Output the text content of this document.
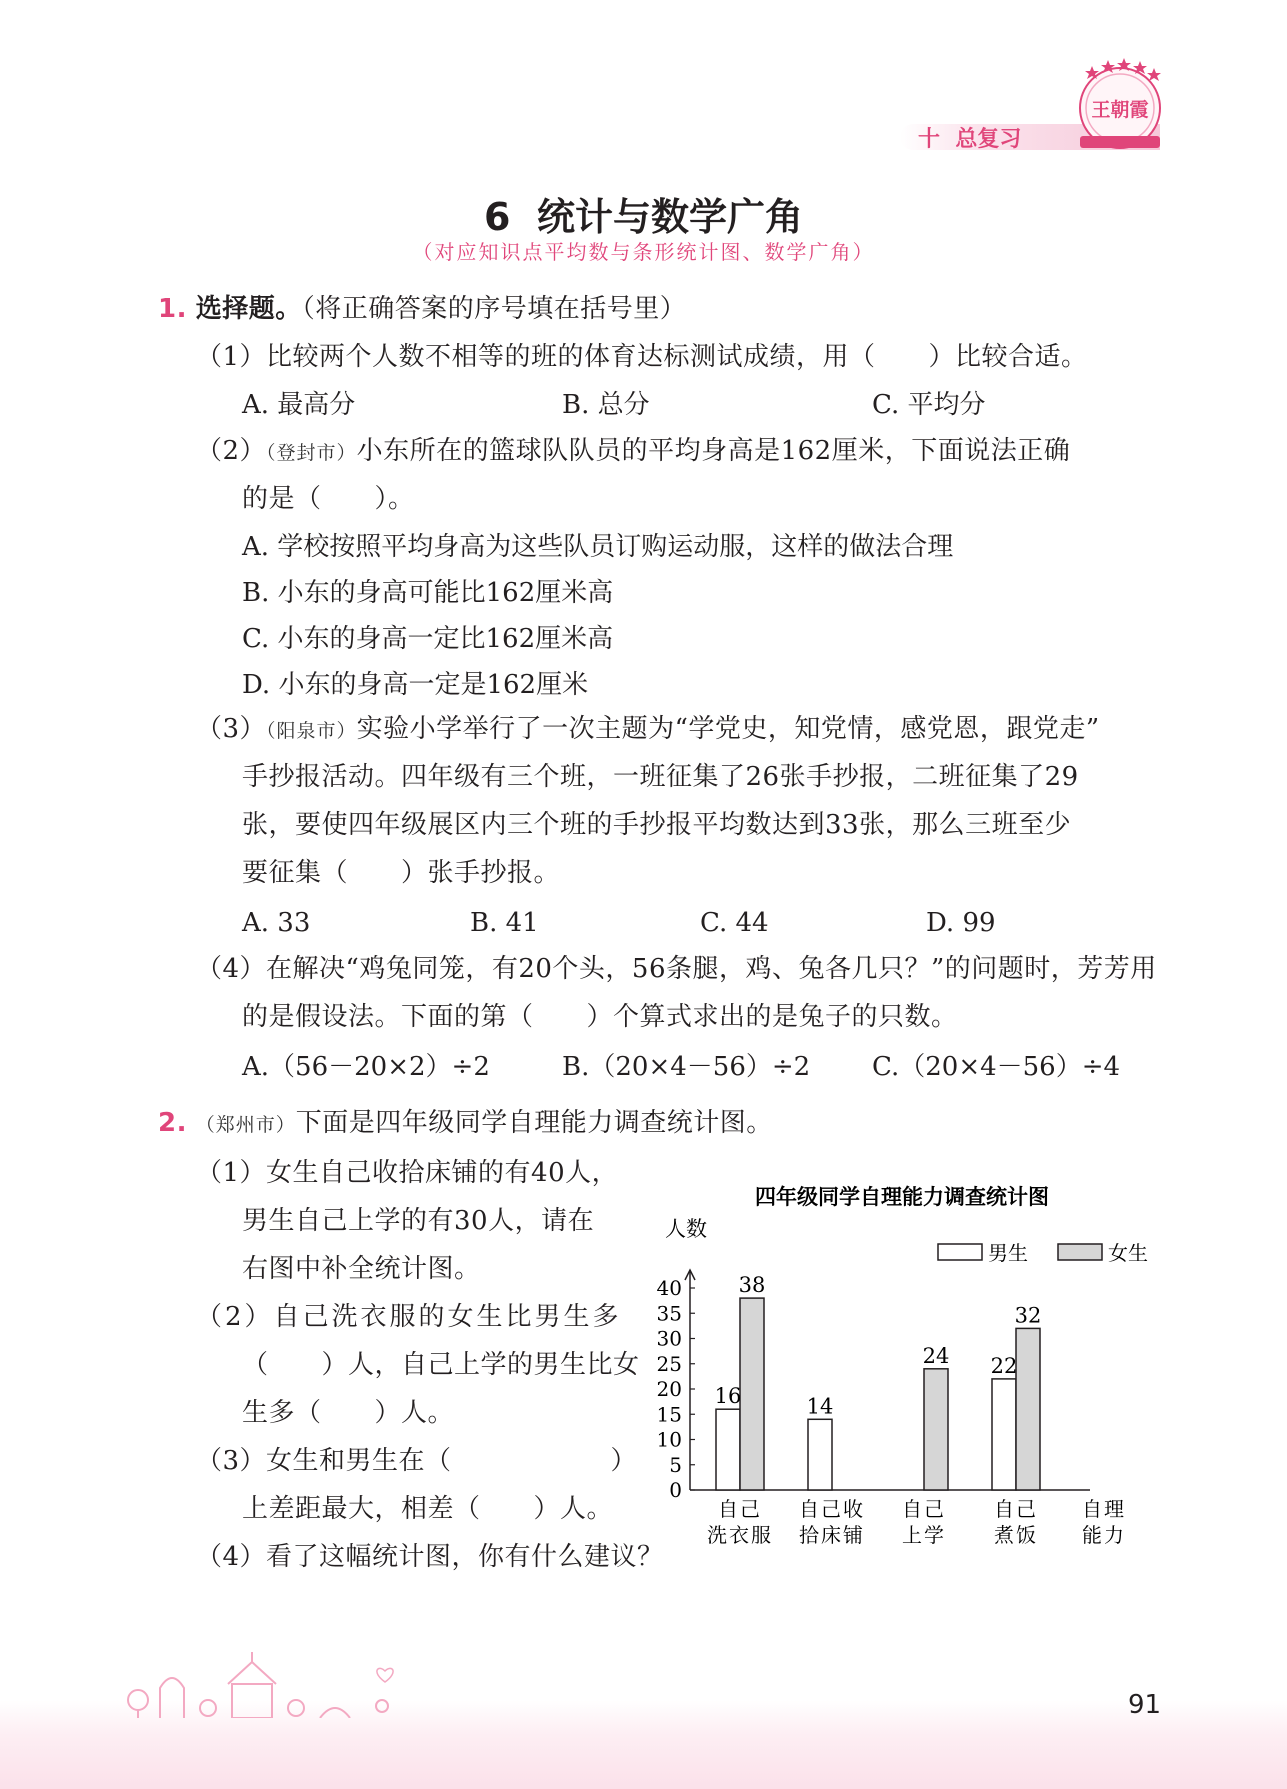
十  总复习
王朝霞
6  统计与数学广角
（对应知识点平均数与条形统计图、数学广角）
1. 选择题。（将正确答案的序号填在括号里）
（1）比较两个人数不相等的班的体育达标测试成绩，用（　　）比较合适。
A. 最高分	B. 总分	C. 平均分
（2）（登封市）小东所在的篮球队队员的平均身高是162厘米，下面说法正确
的是（　　）。
A. 学校按照平均身高为这些队员订购运动服，这样的做法合理
B. 小东的身高可能比162厘米高
C. 小东的身高一定比162厘米高
D. 小东的身高一定是162厘米
（3）（阳泉市）实验小学举行了一次主题为“学党史，知党情，感党恩，跟党走”
手抄报活动。四年级有三个班，一班征集了26张手抄报，二班征集了29
张，要使四年级展区内三个班的手抄报平均数达到33张，那么三班至少
要征集（　　）张手抄报。
A. 33	B. 41	C. 44	D. 99
（4）在解决“鸡兔同笼，有20个头，56条腿，鸡、兔各几只？”的问题时，芳芳用
的是假设法。下面的第（　　）个算式求出的是兔子的只数。
A.（56－20×2）÷2	B.（20×4－56）÷2 C.（20×4－56）÷4
2. （郑州市）下面是四年级同学自理能力调查统计图。
（1）女生自己收拾床铺的有40人，
男生自己上学的有30人，请在
右图中补全统计图。
（2）自己洗衣服的女生比男生多
（　　）人，自己上学的男生比女
生多（　　）人。
（3）女生和男生在（　　　　　　）
上差距最大，相差（　　）人。
（4）看了这幅统计图，你有什么建议？
四年级同学自理能力调查统计图
人数
男生	女生
0
5
10
15
20
25
30
35
40
16
38
自己
洗衣服
14
自己收
拾床铺
24
自己
上学
22
32
自己
煮饭
自理
能力
91
